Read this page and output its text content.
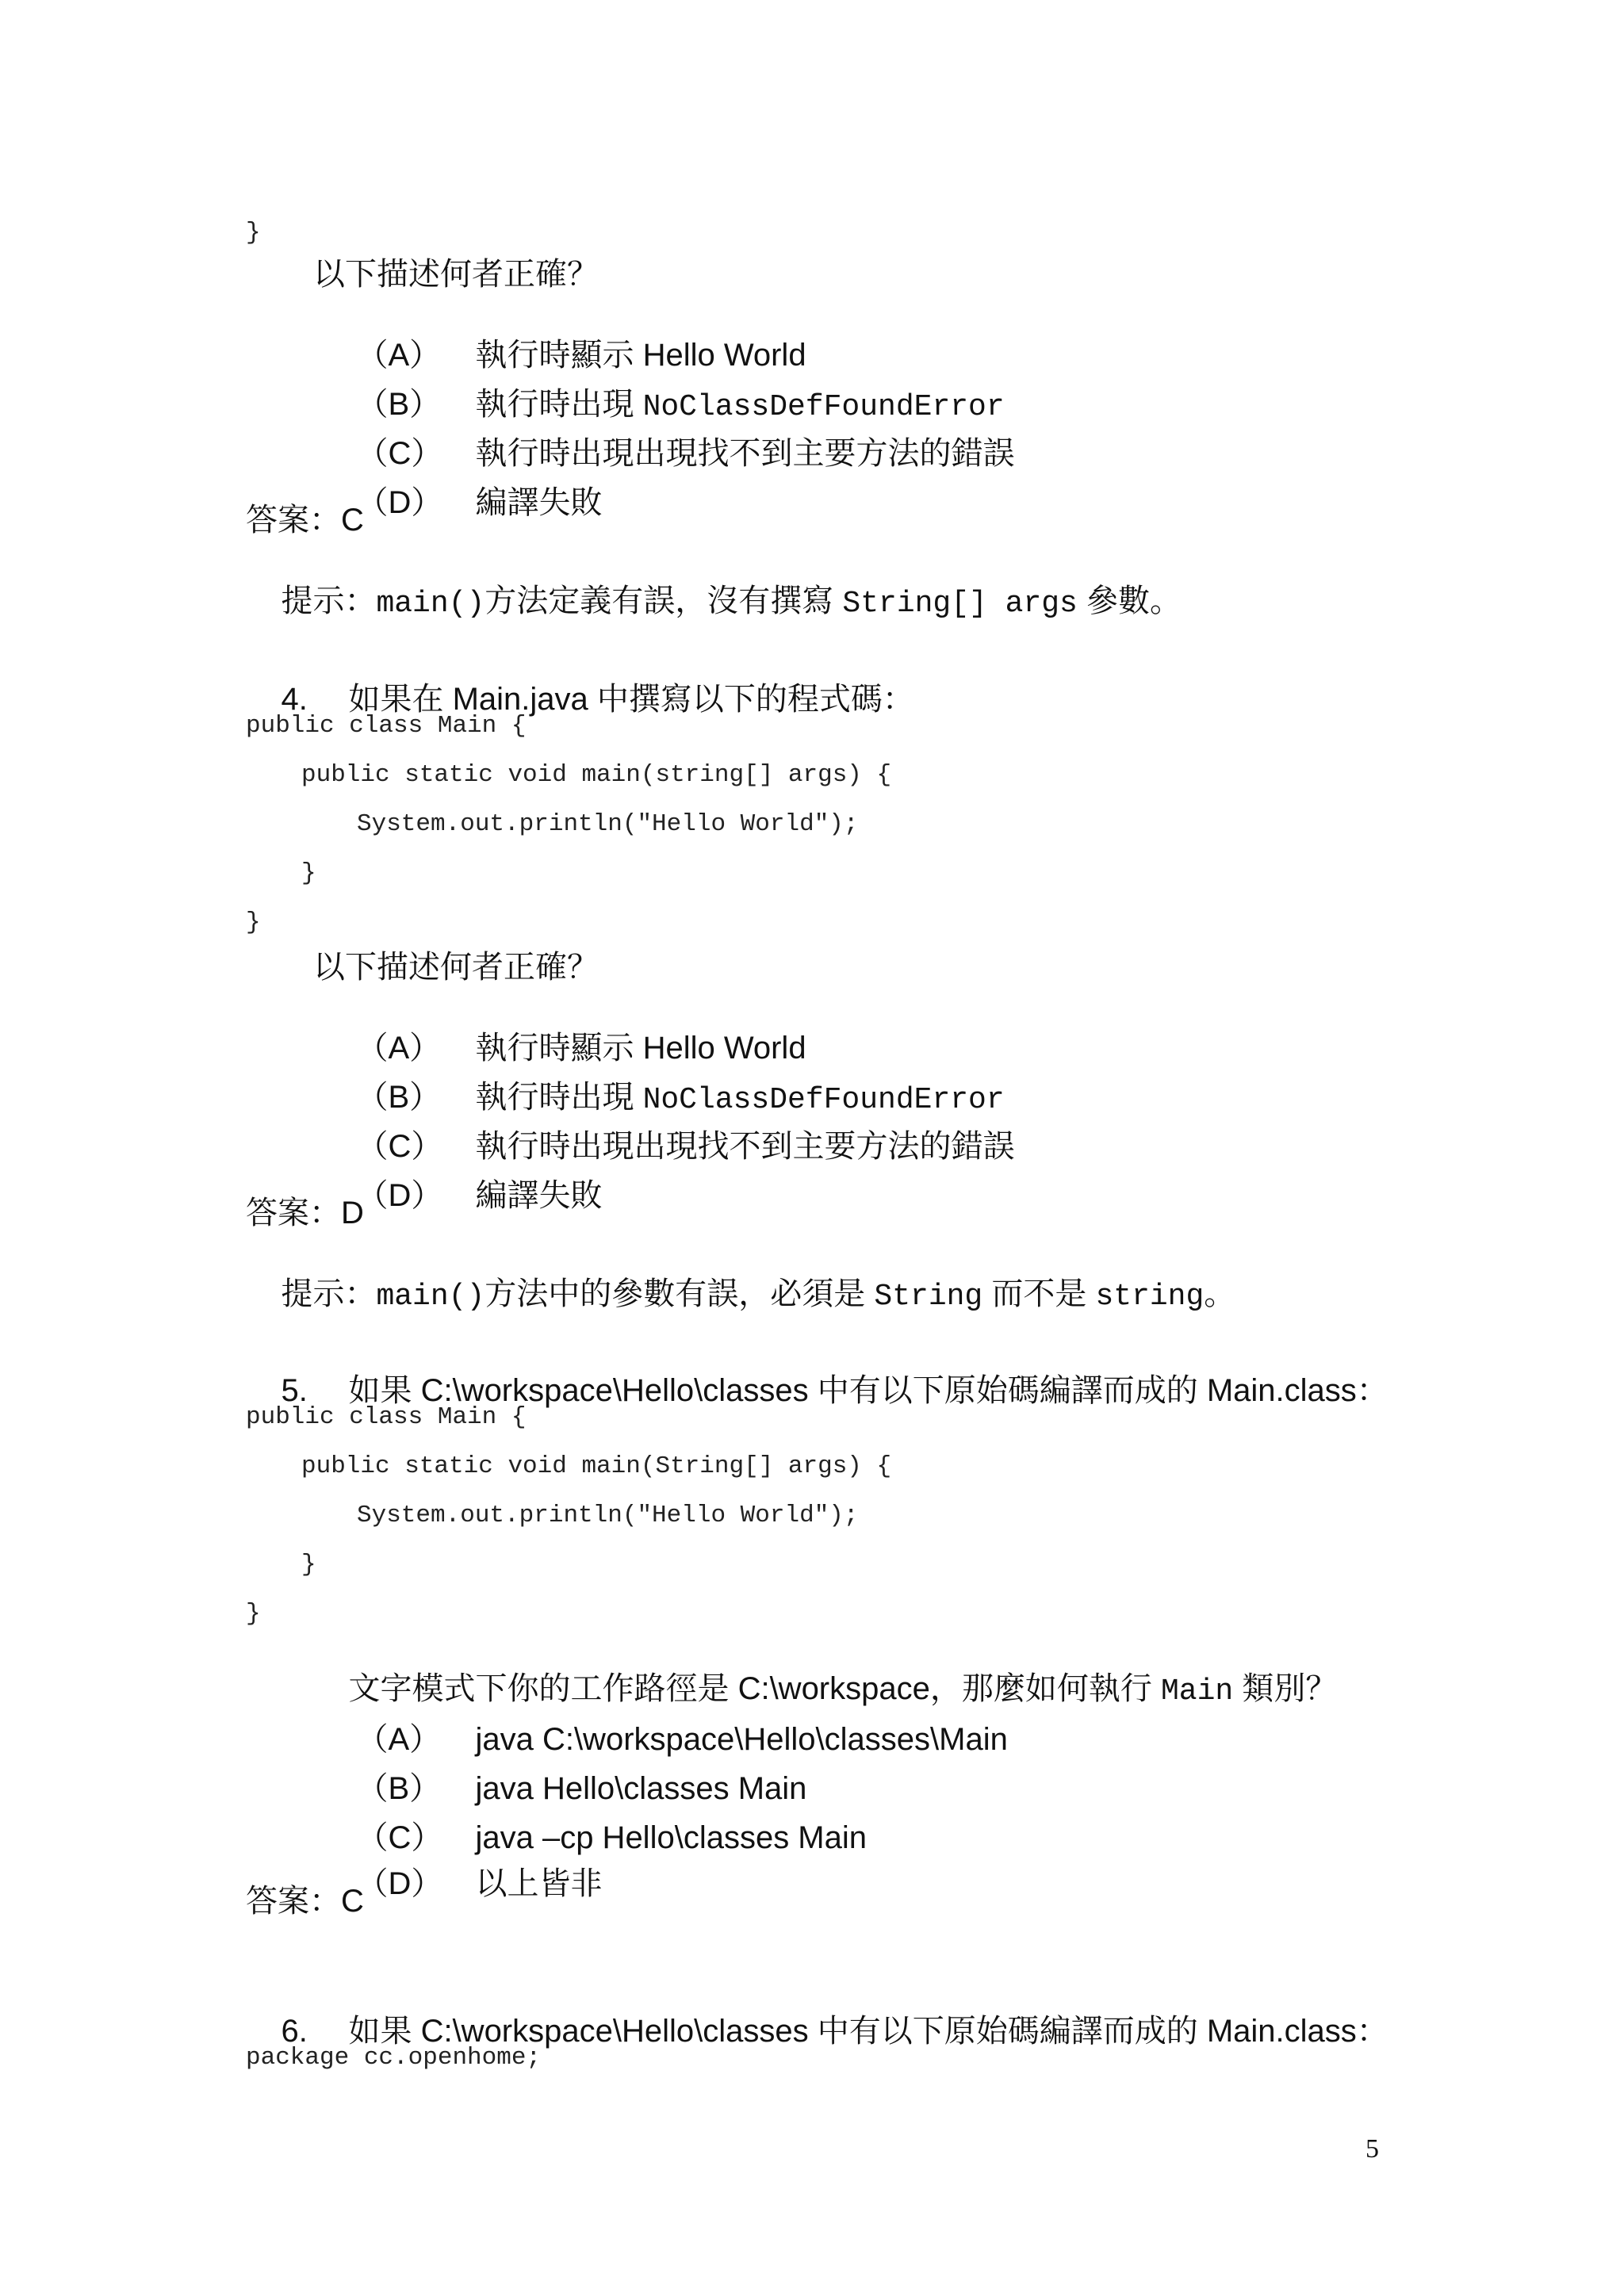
}
以下描述何者正確？

（A） 執行時顯示 Hello World

（B） 執行時出現 NoClassDefFoundError

（C） 執行時出現出現找不到主要方法的錯誤

（D） 編譯失敗

答案：C

提示：main()方法定義有誤，沒有撰寫 String[] args 參數。

4. 如果在 Main.java 中撰寫以下的程式碼：

public class Main {
public static void main(string[] args) {
System.out.println("Hello World");
}
}
以下描述何者正確？

（A） 執行時顯示 Hello World

（B） 執行時出現 NoClassDefFoundError

（C） 執行時出現出現找不到主要方法的錯誤

（D） 編譯失敗

答案：D

提示：main()方法中的參數有誤，必須是 String 而不是 string。

5. 如果 C:\workspace\Hello\classes 中有以下原始碼編譯而成的 Main.class：

public class Main {
public static void main(String[] args) {
System.out.println("Hello World");
}
}

文字模式下你的工作路徑是 C:\workspace，那麼如何執行 Main 類別？

（A） java C:\workspace\Hello\classes\Main

（B） java Hello\classes Main

（C） java –cp Hello\classes Main

（D） 以上皆非

答案：C

6. 如果 C:\workspace\Hello\classes 中有以下原始碼編譯而成的 Main.class：

package cc.openhome;
5
